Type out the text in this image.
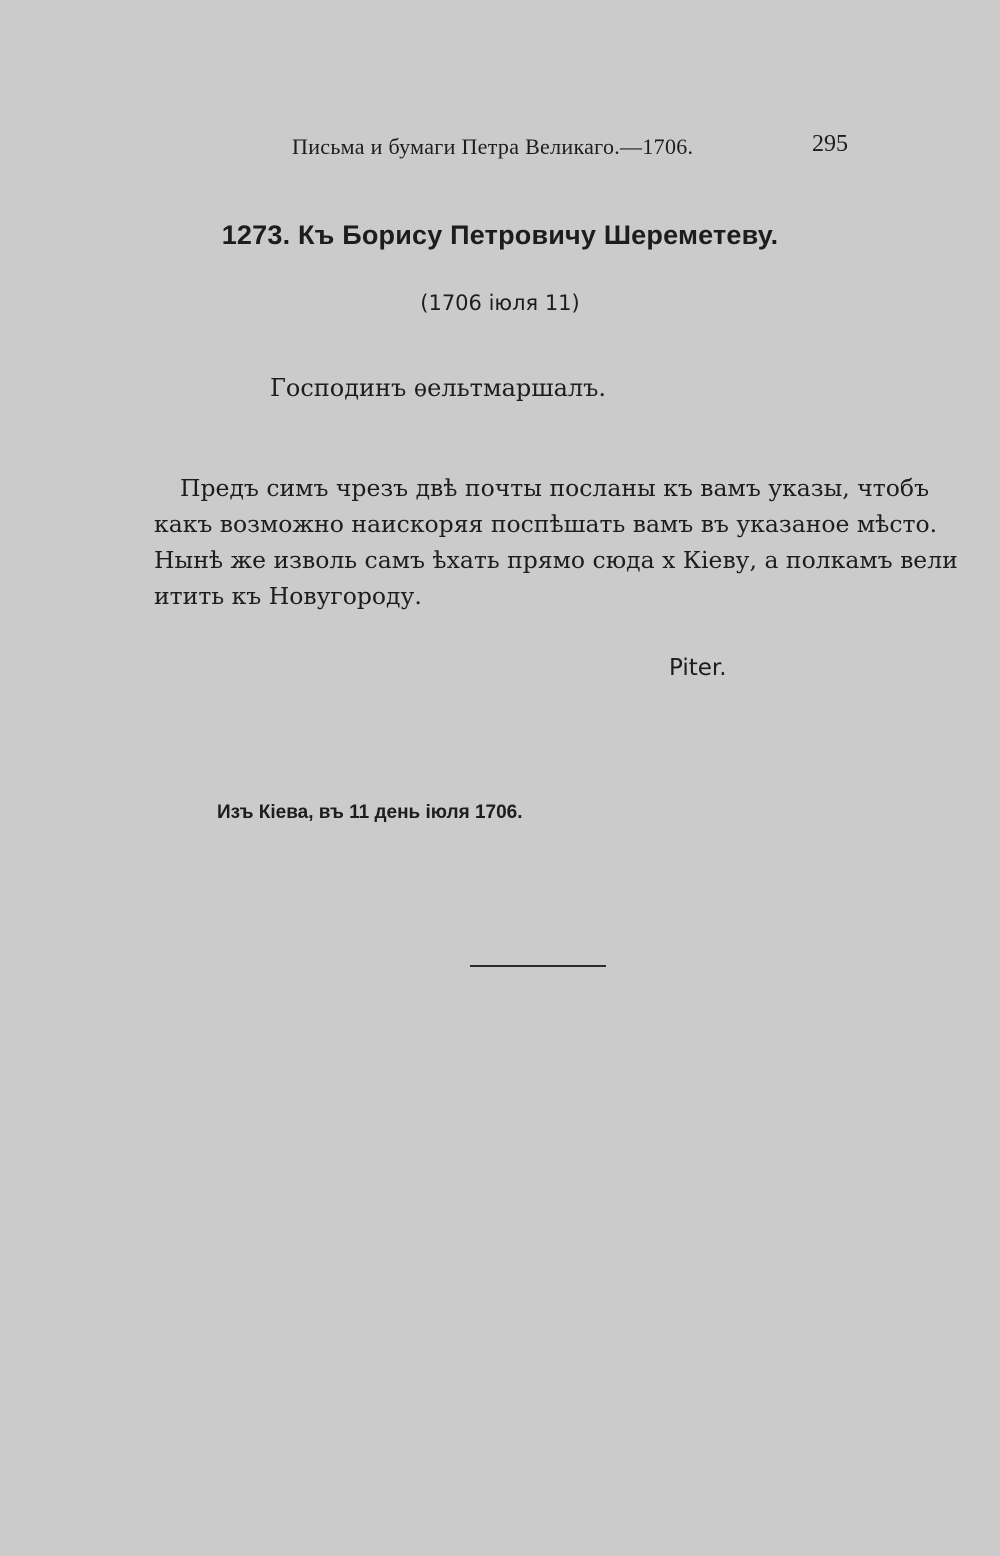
Письма и бумаги Петра Великаго.—1706.	295
1273. Къ Борису Петровичу Шереметеву.
(1706 іюля 11)
Господинъ ѳельтмаршалъ.
Предъ симъ чрезъ двѣ почты посланы къ вамъ указы, чтобъ
какъ возможно наискоряя поспѣшать вамъ въ указаное мѣсто.
Нынѣ же изволь самъ ѣхать прямо сюда х Кіеву, а полкамъ вели
итить къ Новугороду.
Piter.
Изъ Кіева, въ 11 день іюля 1706.
